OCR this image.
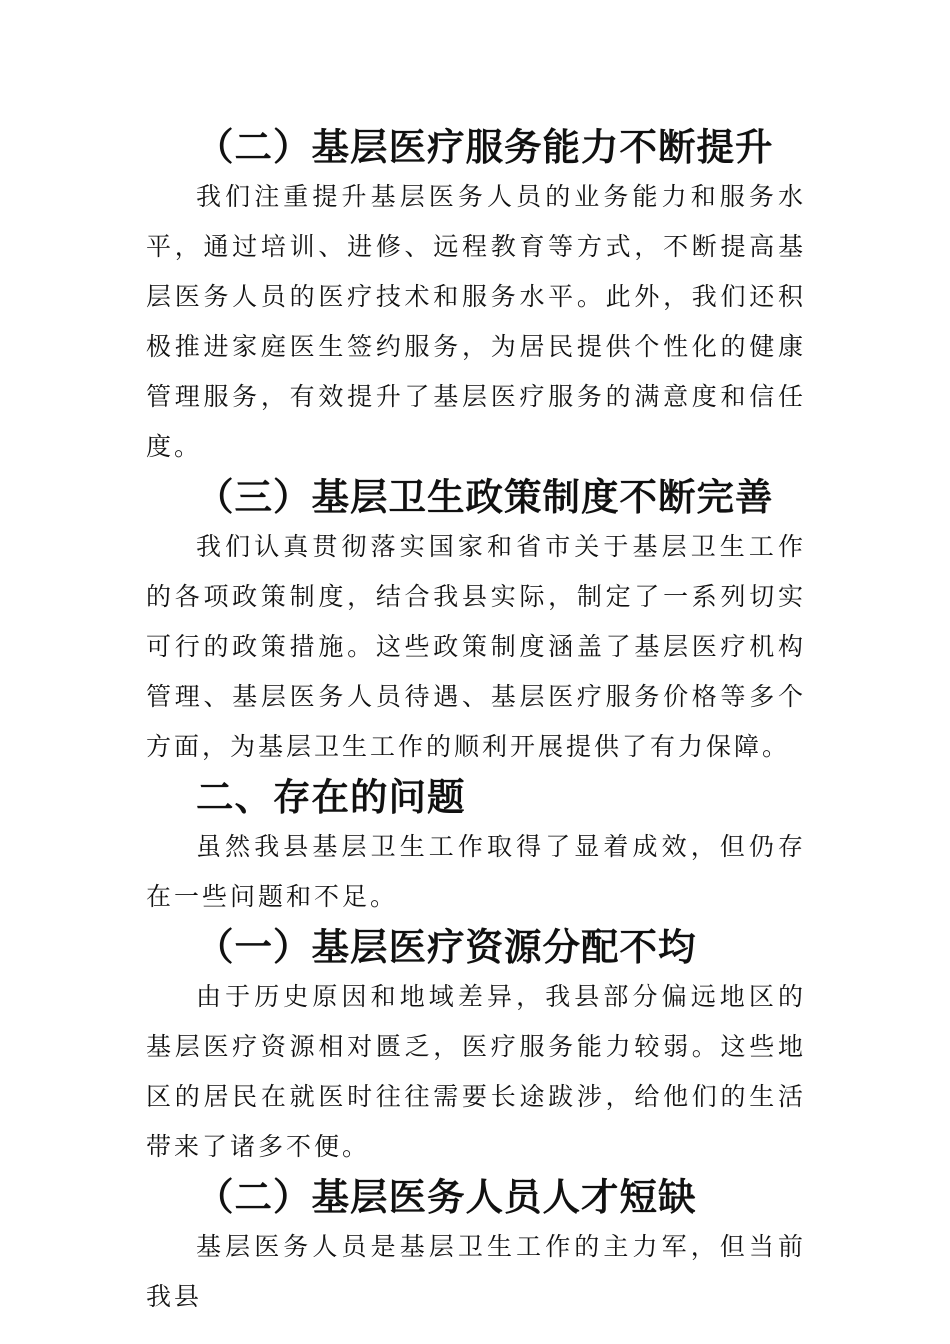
（二）基层医疗服务能力不断提升

我们注重提升基层医务人员的业务能力和服务水平，通过培训、进修、远程教育等方式，不断提高基层医务人员的医疗技术和服务水平。此外，我们还积极推进家庭医生签约服务，为居民提供个性化的健康管理服务，有效提升了基层医疗服务的满意度和信任度。

（三）基层卫生政策制度不断完善

我们认真贯彻落实国家和省市关于基层卫生工作的各项政策制度，结合我县实际，制定了一系列切实可行的政策措施。这些政策制度涵盖了基层医疗机构管理、基层医务人员待遇、基层医疗服务价格等多个方面，为基层卫生工作的顺利开展提供了有力保障。

二、存在的问题

虽然我县基层卫生工作取得了显着成效，但仍存在一些问题和不足。

（一）基层医疗资源分配不均

由于历史原因和地域差异，我县部分偏远地区的基层医疗资源相对匮乏，医疗服务能力较弱。这些地区的居民在就医时往往需要长途跋涉，给他们的生活带来了诸多不便。

（二）基层医务人员人才短缺

基层医务人员是基层卫生工作的主力军，但当前我县
